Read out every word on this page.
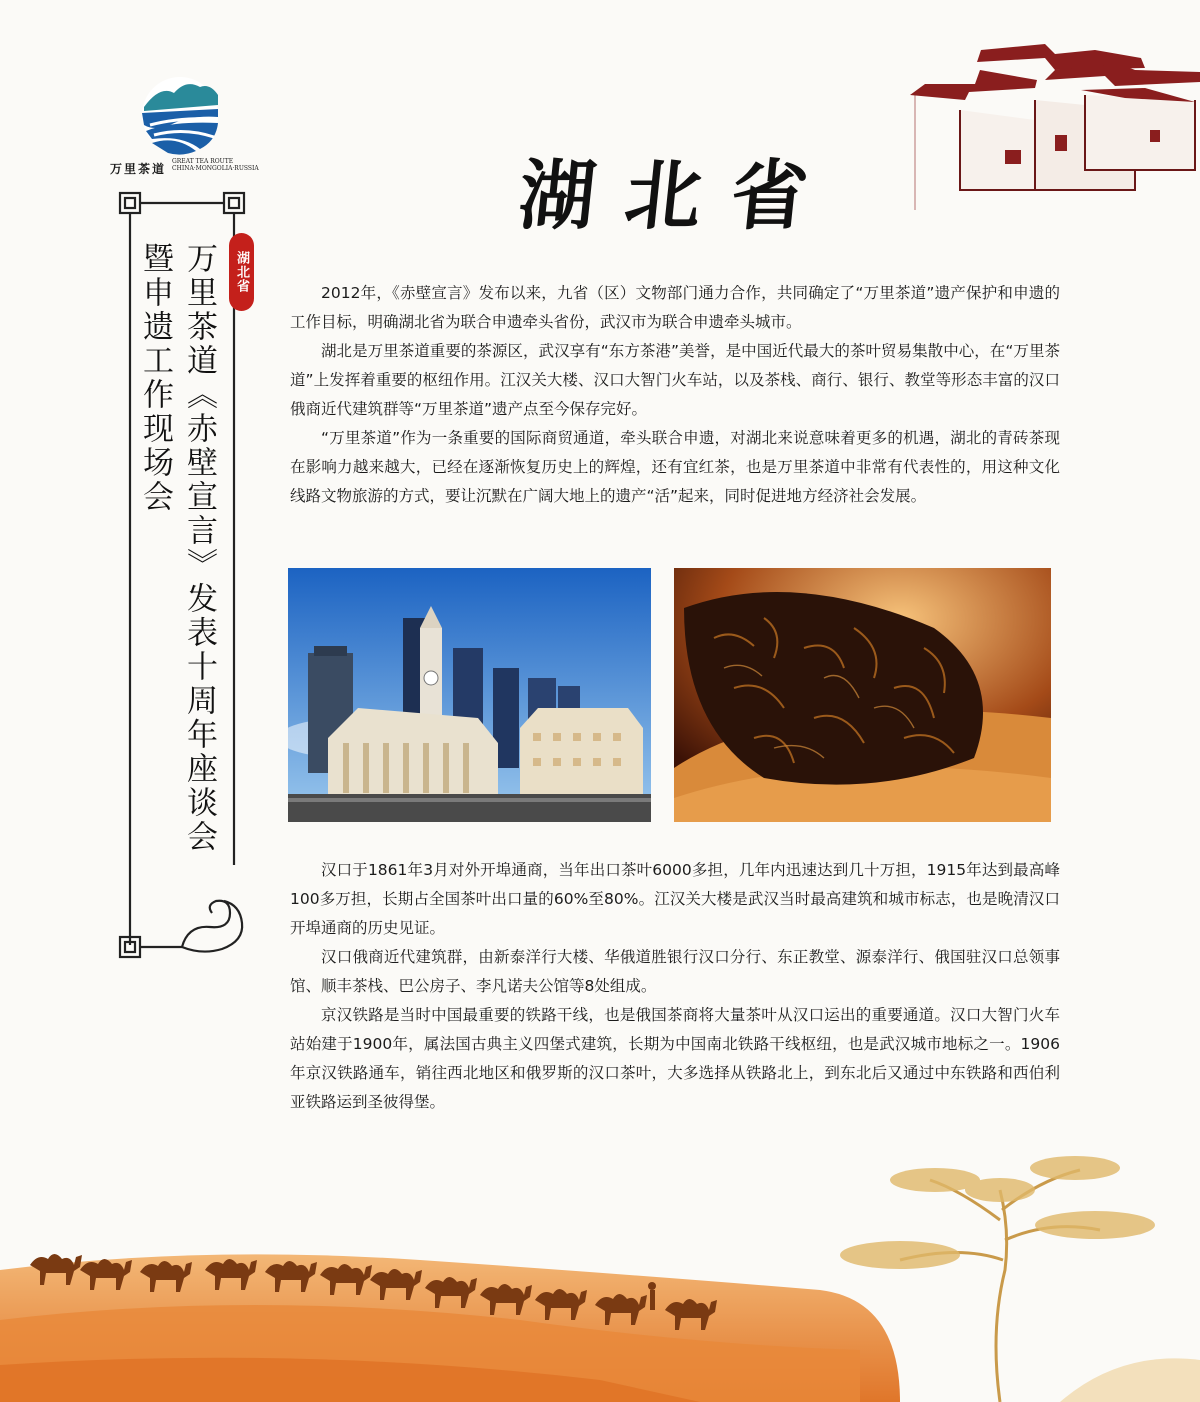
万里茶道
GREAT TEA ROUTE CHINA·MONGOLIA·RUSSIA
万里茶道《赤壁宣言》发表十周年座谈会
暨申遗工作现场会	湖北省
湖北省

2012年，《赤壁宣言》发布以来，九省（区）文物部门通力合作，共同确定了“万里茶道”遗产保护和申遗的工作目标，明确湖北省为联合申遗牵头省份，武汉市为联合申遗牵头城市。

湖北是万里茶道重要的茶源区，武汉享有“东方茶港”美誉，是中国近代最大的茶叶贸易集散中心，在“万里茶道”上发挥着重要的枢纽作用。江汉关大楼、汉口大智门火车站，以及茶栈、商行、银行、教堂等形态丰富的汉口俄商近代建筑群等“万里茶道”遗产点至今保存完好。

“万里茶道”作为一条重要的国际商贸通道，牵头联合申遗，对湖北来说意味着更多的机遇，湖北的青砖茶现在影响力越来越大，已经在逐渐恢复历史上的辉煌，还有宜红茶，也是万里茶道中非常有代表性的，用这种文化线路文物旅游的方式，要让沉默在广阔大地上的遗产“活”起来，同时促进地方经济社会发展。

汉口于1861年3月对外开埠通商，当年出口茶叶6000多担，几年内迅速达到几十万担，1915年达到最高峰100多万担，长期占全国茶叶出口量的60%至80%。江汉关大楼是武汉当时最高建筑和城市标志，也是晚清汉口开埠通商的历史见证。

汉口俄商近代建筑群，由新泰洋行大楼、华俄道胜银行汉口分行、东正教堂、源泰洋行、俄国驻汉口总领事馆、顺丰茶栈、巴公房子、李凡诺夫公馆等8处组成。

京汉铁路是当时中国最重要的铁路干线，也是俄国茶商将大量茶叶从汉口运出的重要通道。汉口大智门火车站始建于1900年，属法国古典主义四堡式建筑，长期为中国南北铁路干线枢纽，也是武汉城市地标之一。1906年京汉铁路通车，销往西北地区和俄罗斯的汉口茶叶，大多选择从铁路北上，到东北后又通过中东铁路和西伯利亚铁路运到圣彼得堡。
